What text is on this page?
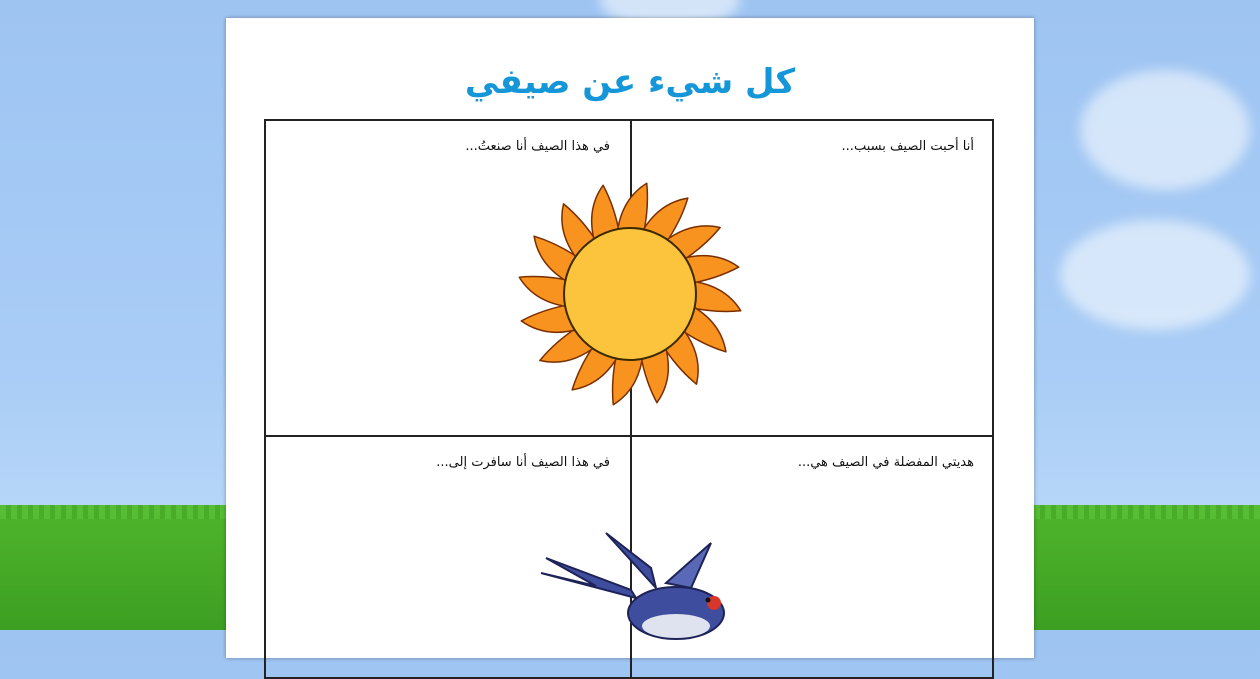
كل شيء عن صيفي
أنا أحبت الصيف بسبب...
في هذا الصيف أنا صنعتُ...
هديتي المفضلة في الصيف هي...
في هذا الصيف أنا سافرت إلى...
